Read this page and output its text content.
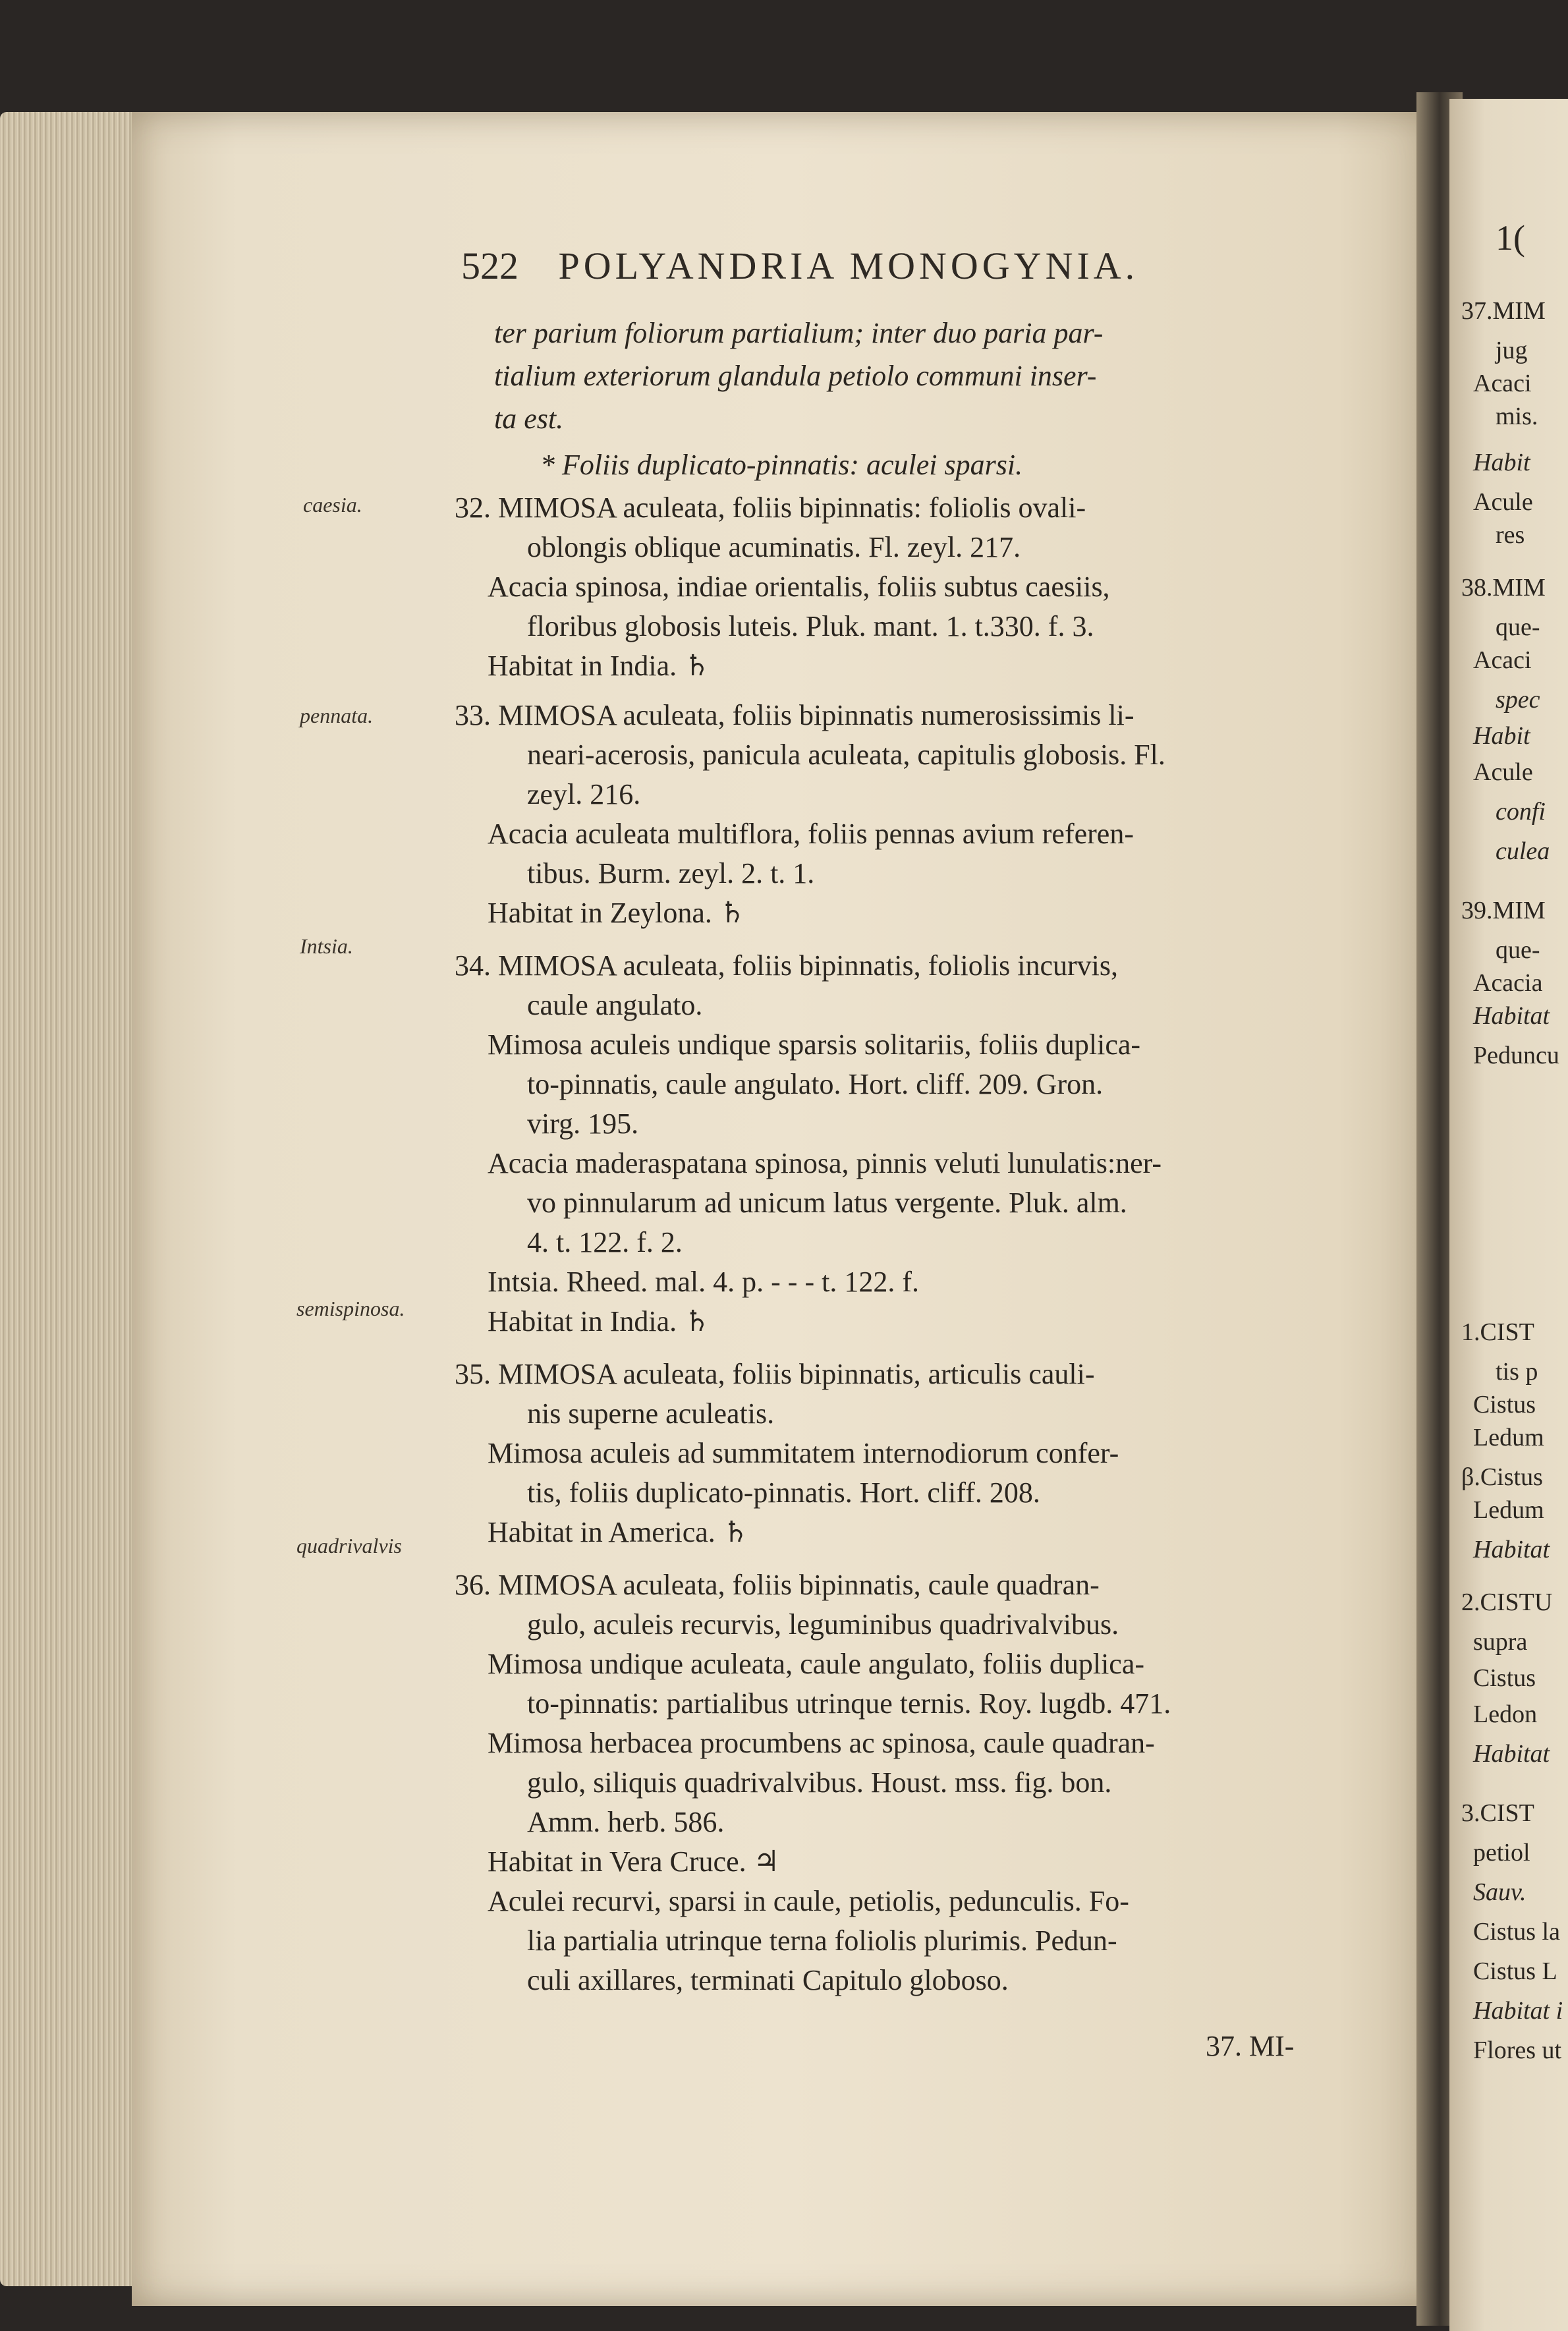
1(
37.MIM
jug
Acaci
mis.
Habit
Acule
res
38.MIM
que-
Acaci
spec
Habit
Acule
confi
culea
39.MIM
que-
Acacia
Habitat
Peduncu
1.CIST
tis p
Cistus
Ledum
β.Cistus
Ledum
Habitat
2.CISTU
supra
Cistus
Ledon
Habitat
3.CIST
petiol
Sauv.
Cistus la
Cistus L
Habitat i
Flores ut
522 POLYANDRIA MONOGYNIA.
caesia.
pennata.
Intsia.
semispinosa.
quadrivalvis
ter parium foliorum partialium; inter duo paria par-
tialium exteriorum glandula petiolo communi inser-
ta est.
* Foliis duplicato-pinnatis: aculei sparsi.
32. MIMOSA aculeata, foliis bipinnatis: foliolis ovali-
oblongis oblique acuminatis. Fl. zeyl. 217.
Acacia spinosa, indiae orientalis, foliis subtus caesiis,
floribus globosis luteis. Pluk. mant. 1. t.330. f. 3.
Habitat in India. ♄
33. MIMOSA aculeata, foliis bipinnatis numerosissimis li-
neari-acerosis, panicula aculeata, capitulis globosis. Fl.
zeyl. 216.
Acacia aculeata multiflora, foliis pennas avium referen-
tibus. Burm. zeyl. 2. t. 1.
Habitat in Zeylona. ♄
34. MIMOSA aculeata, foliis bipinnatis, foliolis incurvis,
caule angulato.
Mimosa aculeis undique sparsis solitariis, foliis duplica-
to-pinnatis, caule angulato. Hort. cliff. 209. Gron.
virg. 195.
Acacia maderaspatana spinosa, pinnis veluti lunulatis:ner-
vo pinnularum ad unicum latus vergente. Pluk. alm.
4. t. 122. f. 2.
Intsia. Rheed. mal. 4. p. - - - t. 122. f.
Habitat in India. ♄
35. MIMOSA aculeata, foliis bipinnatis, articulis cauli-
nis superne aculeatis.
Mimosa aculeis ad summitatem internodiorum confer-
tis, foliis duplicato-pinnatis. Hort. cliff. 208.
Habitat in America. ♄
36. MIMOSA aculeata, foliis bipinnatis, caule quadran-
gulo, aculeis recurvis, leguminibus quadrivalvibus.
Mimosa undique aculeata, caule angulato, foliis duplica-
to-pinnatis: partialibus utrinque ternis. Roy. lugdb. 471.
Mimosa herbacea procumbens ac spinosa, caule quadran-
gulo, siliquis quadrivalvibus. Houst. mss. fig. bon.
Amm. herb. 586.
Habitat in Vera Cruce. ♃
Aculei recurvi, sparsi in caule, petiolis, pedunculis. Fo-
lia partialia utrinque terna foliolis plurimis. Pedun-
culi axillares, terminati Capitulo globoso.
37. MI-
